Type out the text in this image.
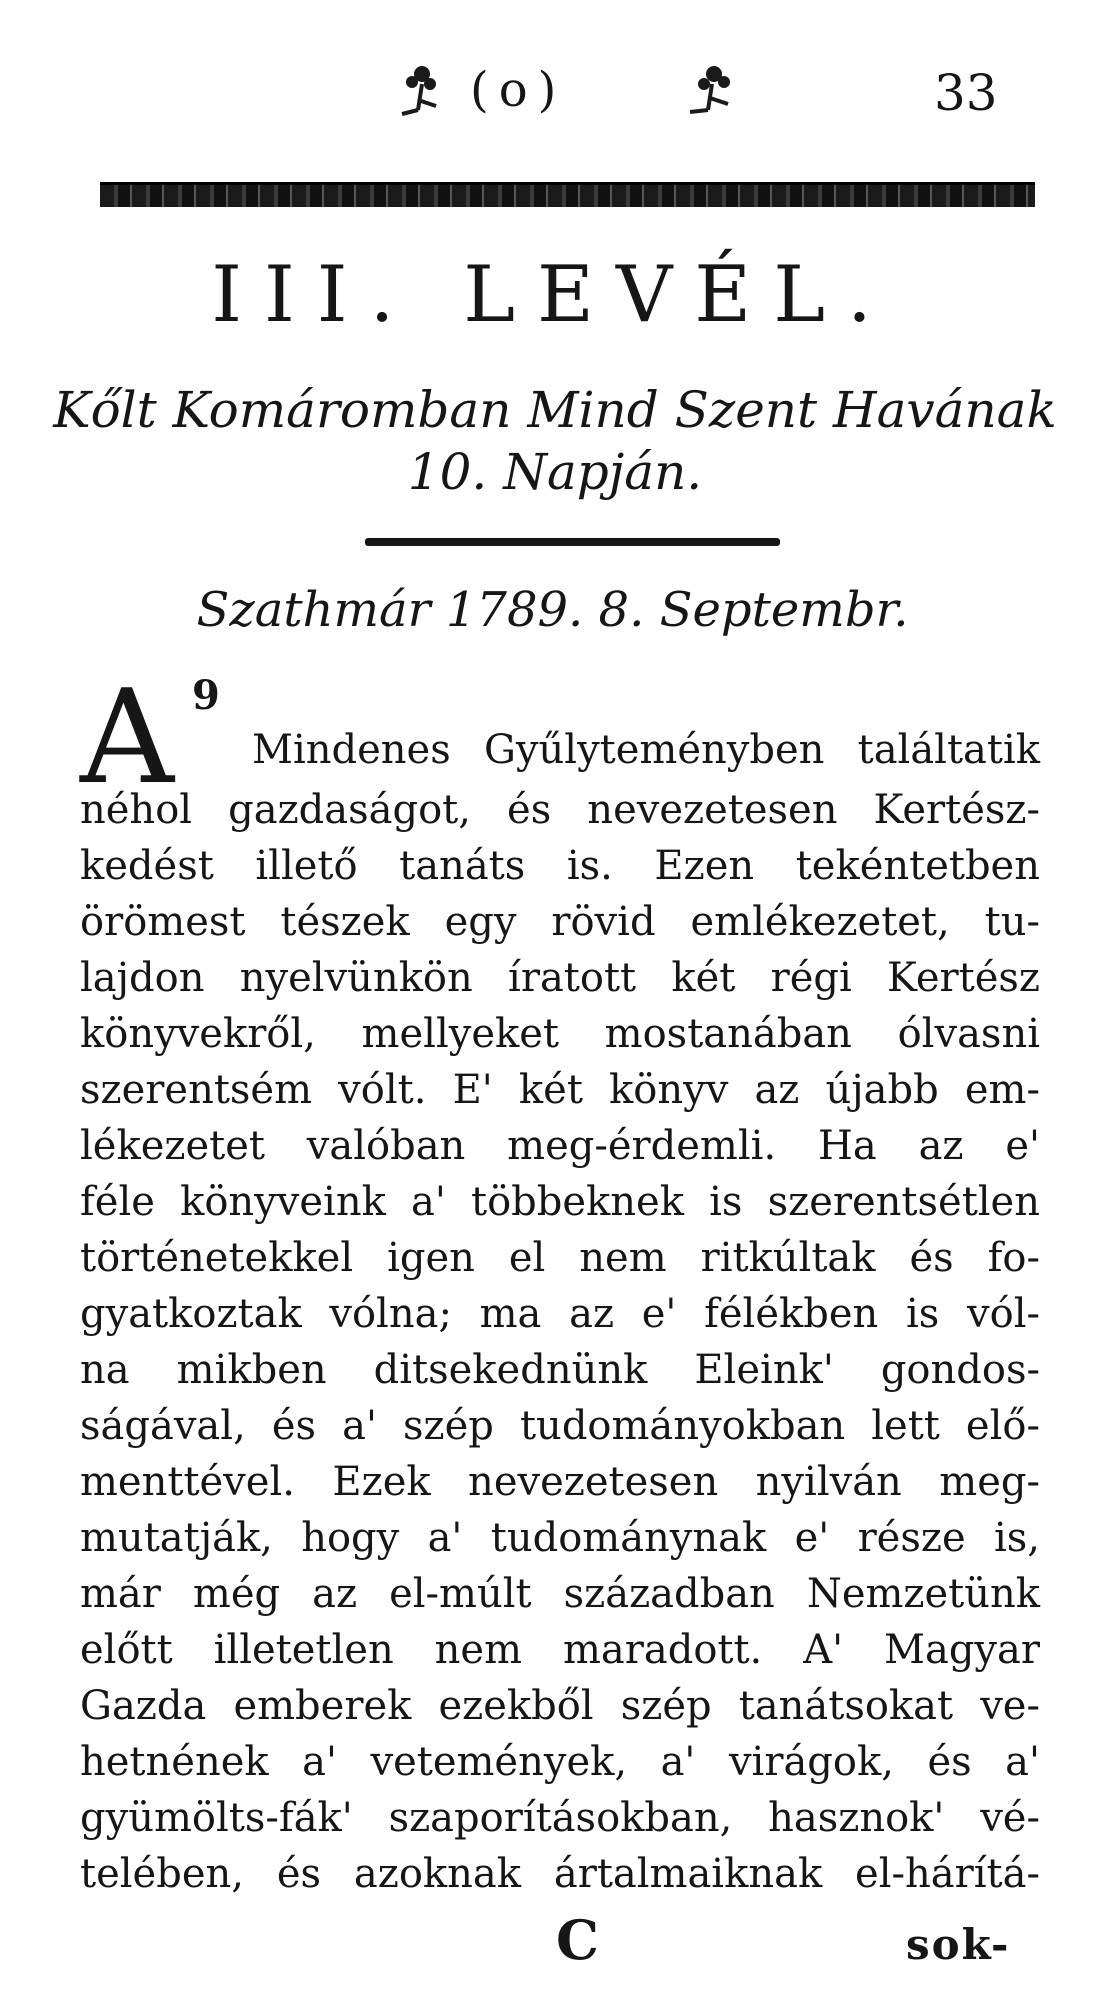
(o)	33
III. LEVÉL.
Kőlt Komáromban Mind Szent Havának
10. Napján.
Szathmár 1789. 8. Septembr.
A 9
Mindenes Gyűlyteményben találtatik
néhol gazdaságot, és nevezetesen Kertész-
kedést illető tanáts is. Ezen tekéntetben
örömest tészek egy rövid emlékezetet, tu-
lajdon nyelvünkön íratott két régi Kertész
könyvekről, mellyeket mostanában ólvasni
szerentsém vólt. E' két könyv az újabb em-
lékezetet valóban meg-érdemli. Ha az e'
féle könyveink a' többeknek is szerentsétlen
történetekkel igen el nem ritkúltak és fo-
gyatkoztak vólna; ma az e' félékben is vól-
na mikben ditsekednünk Eleink' gondos-
ságával, és a' szép tudományokban lett elő-
menttével. Ezek nevezetesen nyilván meg-
mutatják, hogy a' tudománynak e' része is,
már még az el-múlt században Nemzetünk
előtt illetetlen nem maradott. A' Magyar
Gazda emberek ezekből szép tanátsokat ve-
hetnének a' vetemények, a' virágok, és a'
gyümölts-fák' szaporításokban, hasznok' vé-
telében, és azoknak ártalmaiknak el-hárítá-
C	sok-
